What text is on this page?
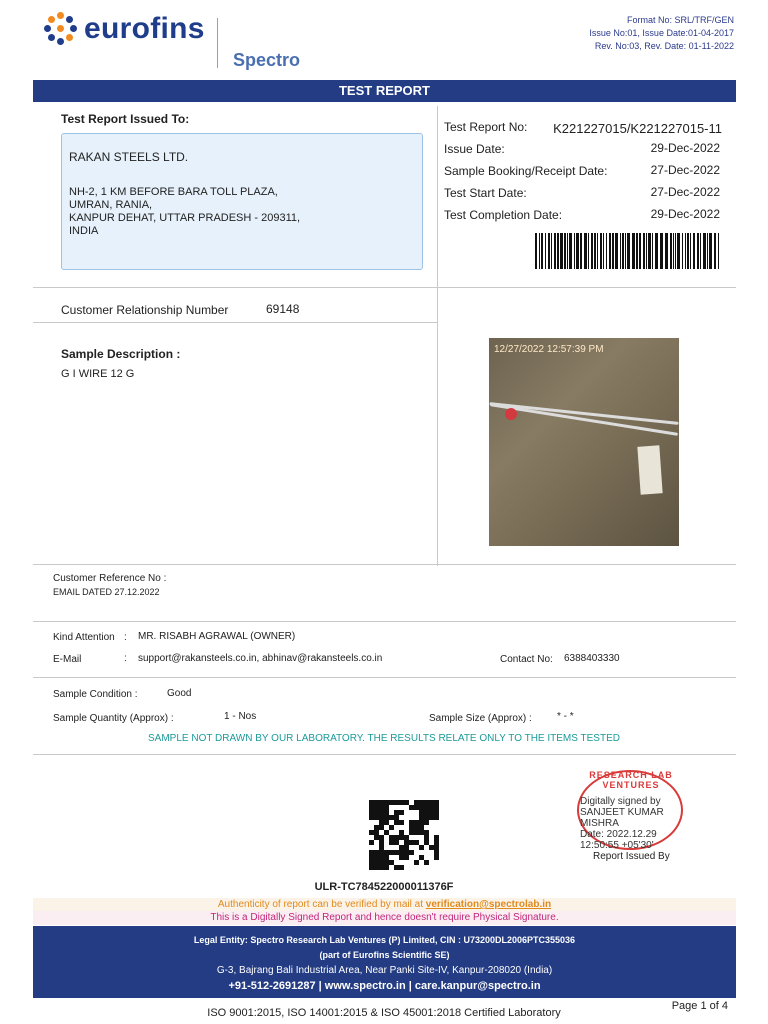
eurofins
Spectro
Format No: SRL/TRF/GEN
Issue No:01, Issue Date:01-04-2017
Rev. No:03, Rev. Date: 01-11-2022
TEST REPORT
Test Report Issued To:
RAKAN STEELS LTD.
NH-2, 1 KM BEFORE BARA TOLL PLAZA,
UMRAN, RANIA,
KANPUR DEHAT, UTTAR PRADESH - 209311,
INDIA
Test Report No: K221227015/K221227015-11
Issue Date:	29-Dec-2022
Sample Booking/Receipt Date:	27-Dec-2022
Test Start Date:	27-Dec-2022
Test Completion Date:	29-Dec-2022
Customer Relationship Number	69148
Sample Description :
G I WIRE 12 G
12/27/2022 12:57:39 PM
Customer Reference No :
EMAIL DATED 27.12.2022
Kind Attention : MR. RISABH AGRAWAL (OWNER)
E-Mail	: support@rakansteels.co.in, abhinav@rakansteels.co.in	Contact No: 6388403330
Sample Condition :	Good
Sample Quantity (Approx) :	1 - Nos	Sample Size (Approx) :	* - *
SAMPLE NOT DRAWN BY OUR LABORATORY. THE RESULTS RELATE ONLY TO THE ITEMS TESTED
ULR-TC784522000011376F
RESEARCH LAB VENTURES
Digitally signed by
SANJEET KUMAR
MISHRA
Date: 2022.12.29
12:50:55 +05'30'
Report Issued By
Authenticity of report can be verified by mail at verification@spectrolab.in
This is a Digitally Signed Report and hence doesn't require Physical Signature.
Legal Entity: Spectro Research Lab Ventures (P) Limited, CIN : U73200DL2006PTC355036
(part of Eurofins Scientific SE)
G-3, Bajrang Bali Industrial Area, Near Panki Site-IV, Kanpur-208020 (India)
+91-512-2691287 | www.spectro.in | care.kanpur@spectro.in
Page 1 of 4
ISO 9001:2015, ISO 14001:2015 & ISO 45001:2018 Certified Laboratory
